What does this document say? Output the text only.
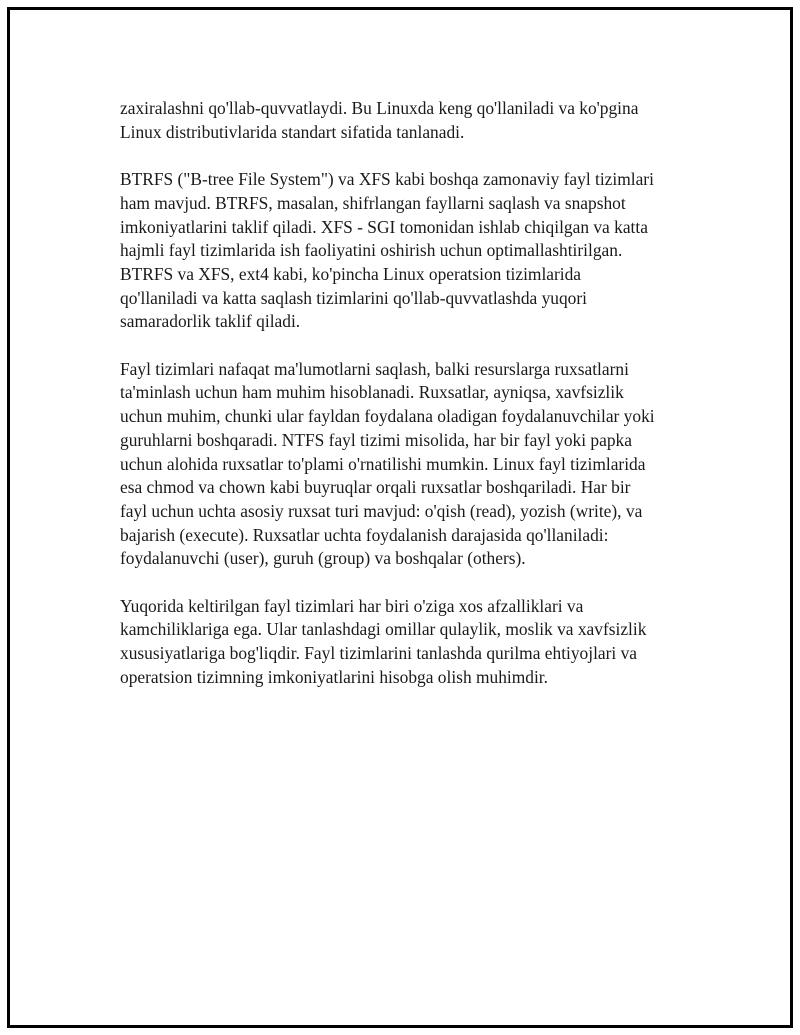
zaxiralashni qo'llab-quvvatlaydi. Bu Linuxda keng qo'llaniladi va ko'pgina
Linux distributivlarida standart sifatida tanlanadi.

BTRFS ("B-tree File System") va XFS kabi boshqa zamonaviy fayl tizimlari
ham mavjud. BTRFS, masalan, shifrlangan fayllarni saqlash va snapshot
imkoniyatlarini taklif qiladi. XFS - SGI tomonidan ishlab chiqilgan va katta
hajmli fayl tizimlarida ish faoliyatini oshirish uchun optimallashtirilgan.
BTRFS va XFS, ext4 kabi, ko'pincha Linux operatsion tizimlarida
qo'llaniladi va katta saqlash tizimlarini qo'llab-quvvatlashda yuqori
samaradorlik taklif qiladi.

Fayl tizimlari nafaqat ma'lumotlarni saqlash, balki resurslarga ruxsatlarni
ta'minlash uchun ham muhim hisoblanadi. Ruxsatlar, ayniqsa, xavfsizlik
uchun muhim, chunki ular fayldan foydalana oladigan foydalanuvchilar yoki
guruhlarni boshqaradi. NTFS fayl tizimi misolida, har bir fayl yoki papka
uchun alohida ruxsatlar to'plami o'rnatilishi mumkin. Linux fayl tizimlarida
esa chmod va chown kabi buyruqlar orqali ruxsatlar boshqariladi. Har bir
fayl uchun uchta asosiy ruxsat turi mavjud: o'qish (read), yozish (write), va
bajarish (execute). Ruxsatlar uchta foydalanish darajasida qo'llaniladi:
foydalanuvchi (user), guruh (group) va boshqalar (others).

Yuqorida keltirilgan fayl tizimlari har biri o'ziga xos afzalliklari va
kamchiliklariga ega. Ular tanlashdagi omillar qulaylik, moslik va xavfsizlik
xususiyatlariga bog'liqdir. Fayl tizimlarini tanlashda qurilma ehtiyojlari va
operatsion tizimning imkoniyatlarini hisobga olish muhimdir.
